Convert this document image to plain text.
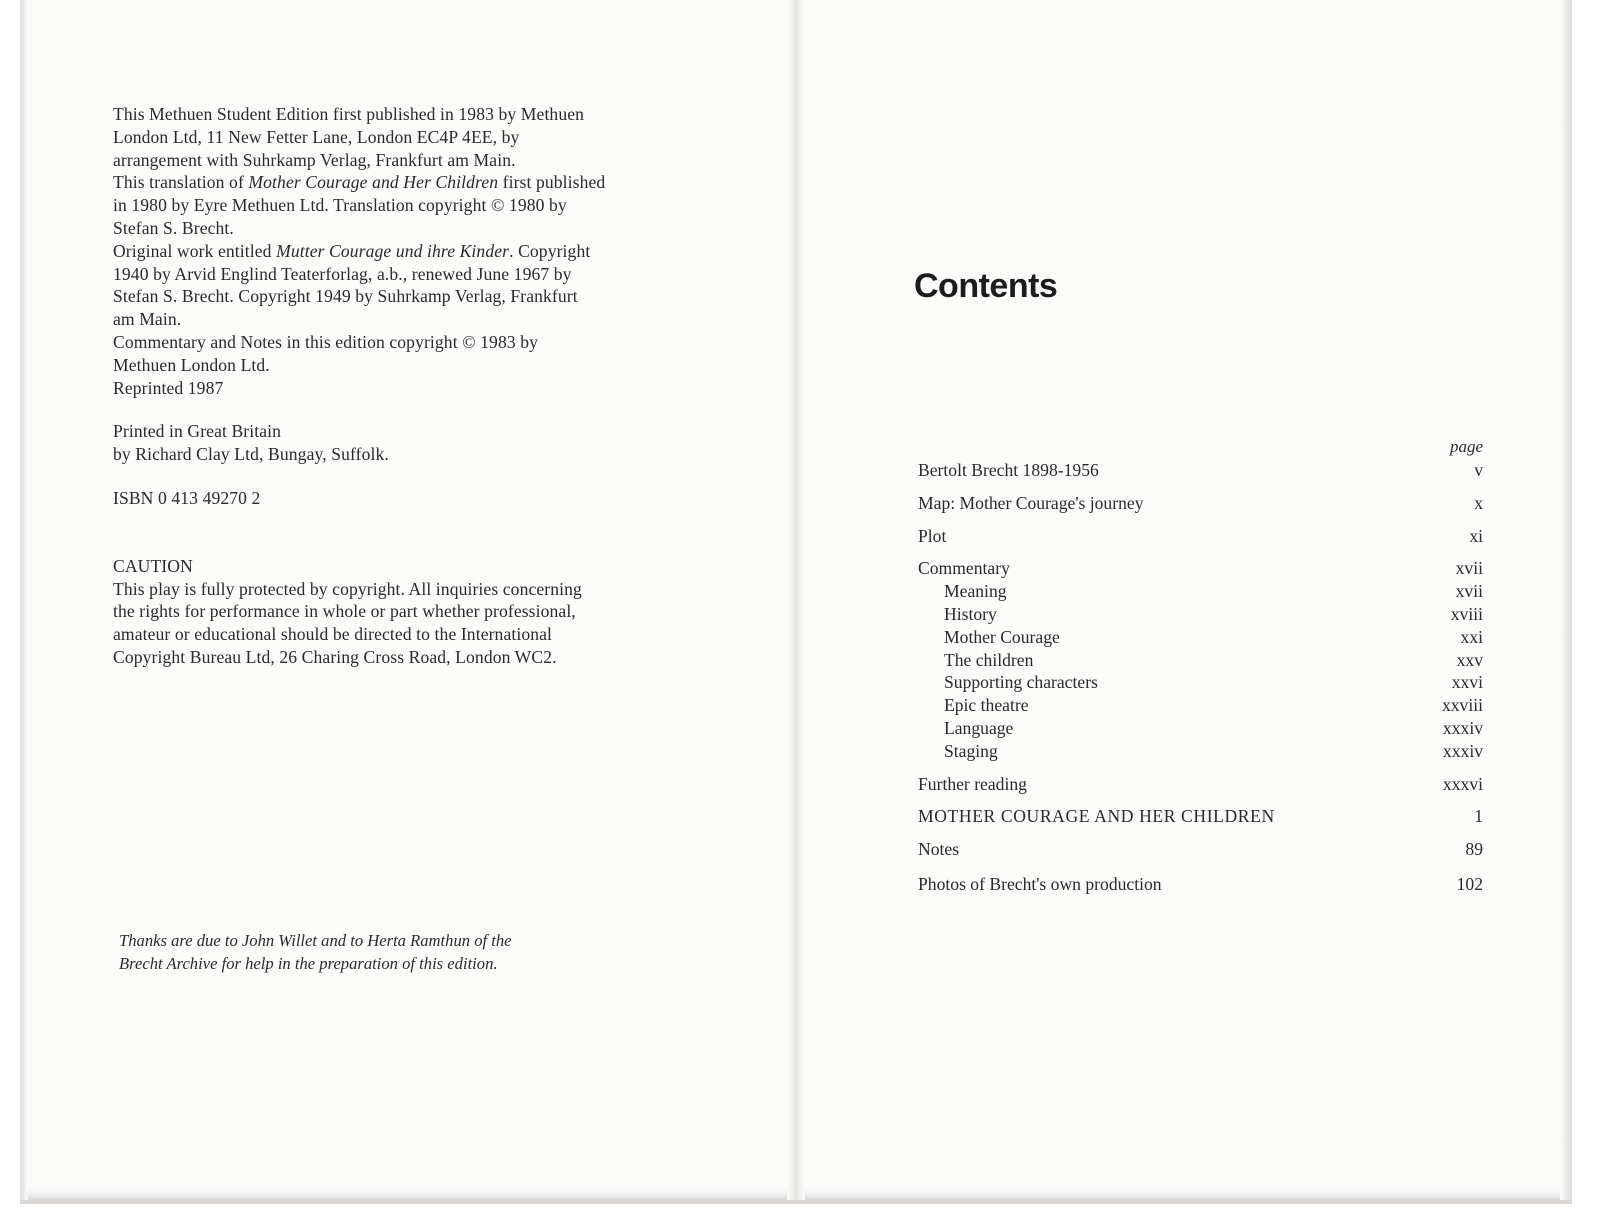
This Methuen Student Edition first published in 1983 by Methuen
London Ltd, 11 New Fetter Lane, London EC4P 4EE, by
arrangement with Suhrkamp Verlag, Frankfurt am Main.
This translation of Mother Courage and Her Children first published
in 1980 by Eyre Methuen Ltd. Translation copyright © 1980 by
Stefan S. Brecht.
Original work entitled Mutter Courage und ihre Kinder. Copyright
1940 by Arvid Englind Teaterforlag, a.b., renewed June 1967 by
Stefan S. Brecht. Copyright 1949 by Suhrkamp Verlag, Frankfurt
am Main.
Commentary and Notes in this edition copyright © 1983 by
Methuen London Ltd.
Reprinted 1987
Printed in Great Britain
by Richard Clay Ltd, Bungay, Suffolk.
ISBN 0 413 49270 2
CAUTION
This play is fully protected by copyright. All inquiries concerning
the rights for performance in whole or part whether professional,
amateur or educational should be directed to the International
Copyright Bureau Ltd, 26 Charing Cross Road, London WC2.
Thanks are due to John Willet and to Herta Ramthun of the
Brecht Archive for help in the preparation of this edition.
Contents
page
Bertolt Brecht 1898-1956	v
Map: Mother Courage's journey	x
Plot	xi
Commentary	xvii
Meaning	xvii
History	xviii
Mother Courage	xxi
The children	xxv
Supporting characters	xxvi
Epic theatre	xxviii
Language	xxxiv
Staging	xxxiv
Further reading	xxxvi
MOTHER COURAGE AND HER CHILDREN	1
Notes	89
Photos of Brecht's own production	102
